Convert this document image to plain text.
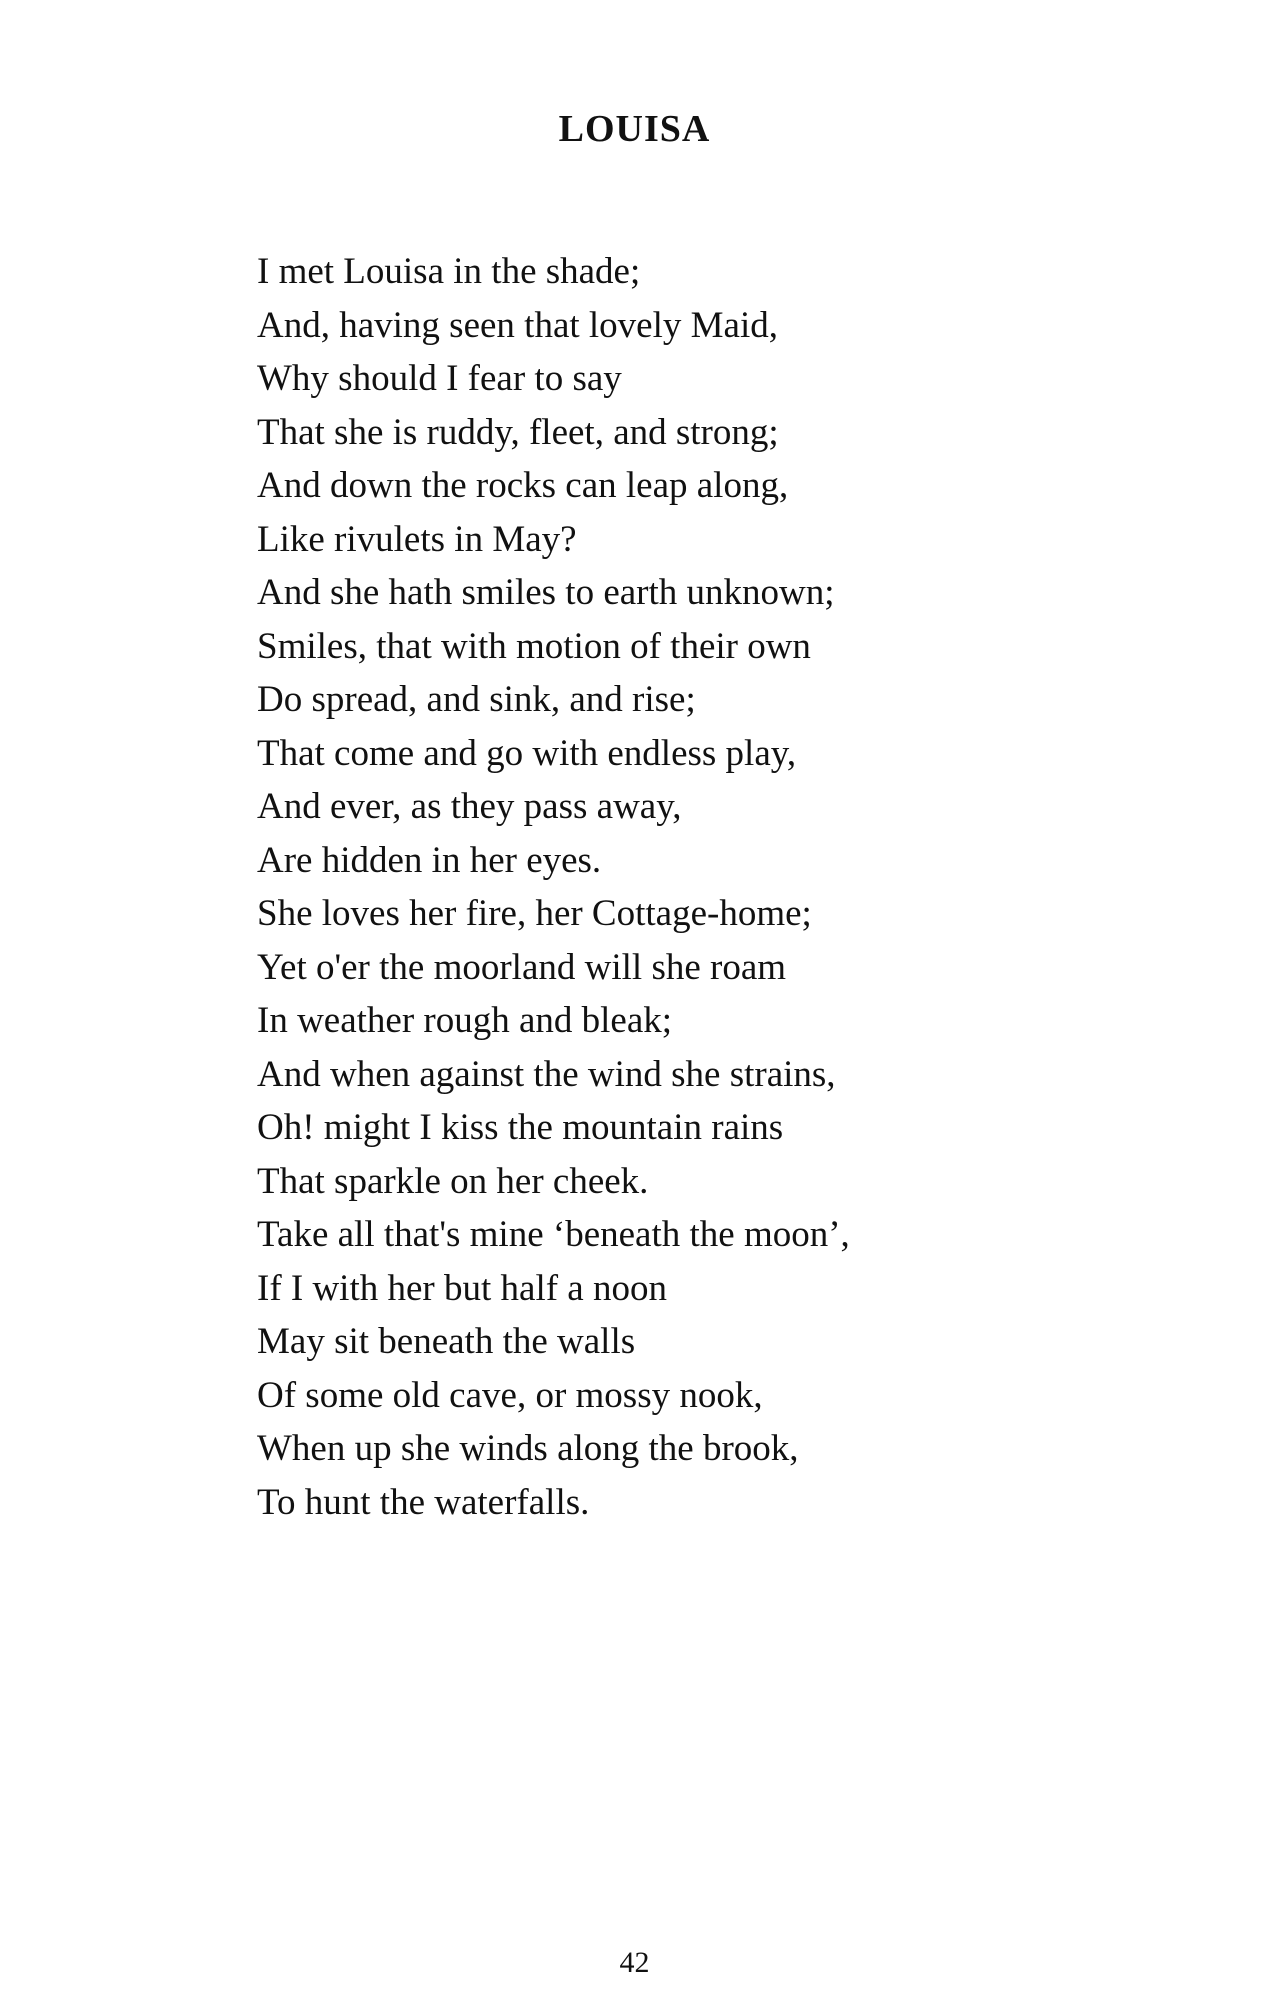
LOUISA
I met Louisa in the shade;
And, having seen that lovely Maid,
Why should I fear to say
That she is ruddy, fleet, and strong;
And down the rocks can leap along,
Like rivulets in May?
And she hath smiles to earth unknown;
Smiles, that with motion of their own
Do spread, and sink, and rise;
That come and go with endless play,
And ever, as they pass away,
Are hidden in her eyes.
She loves her fire, her Cottage-home;
Yet o'er the moorland will she roam
In weather rough and bleak;
And when against the wind she strains,
Oh! might I kiss the mountain rains
That sparkle on her cheek.
Take all that's mine ‘beneath the moon’,
If I with her but half a noon
May sit beneath the walls
Of some old cave, or mossy nook,
When up she winds along the brook,
To hunt the waterfalls.
42
